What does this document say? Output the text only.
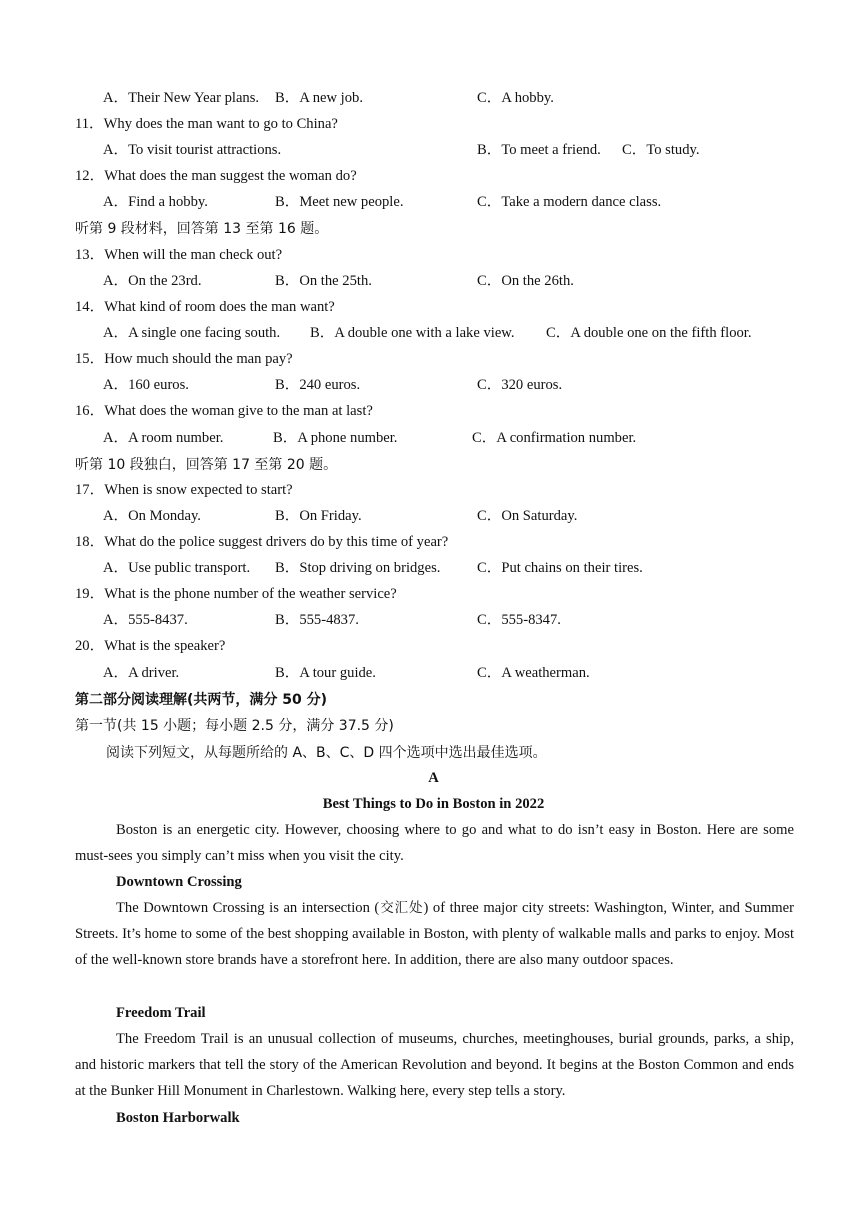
A．Their New Year plans. B．A new job.	C．A hobby.
11．Why does the man want to go to China?
A．To visit tourist attractions.	B．To meet a friend. C．To study.
12．What does the man suggest the woman do?
A．Find a hobby.	B．Meet new people.	C．Take a modern dance class.
听第 9 段材料，回答第 13 至第 16 题。
13．When will the man check out?
A．On the 23rd.	B．On the 25th.	C．On the 26th.
14．What kind of room does the man want?
A．A single one facing south. B．A double one with a lake view. C．A double one on the fifth floor.
15．How much should the man pay?
A．160 euros.	B．240 euros.	C．320 euros.
16．What does the woman give to the man at last?
A．A room number.	B．A phone number.	C．A confirmation number.
听第 10 段独白，回答第 17 至第 20 题。
17．When is snow expected to start?
A．On Monday.	B．On Friday.	C．On Saturday.
18．What do the police suggest drivers do by this time of year?
A．Use public transport. B．Stop driving on bridges.	C．Put chains on their tires.
19．What is the phone number of the weather service?
A．555-8437.	B．555-4837.	C．555-8347.
20．What is the speaker?
A．A driver.	B．A tour guide.	C．A weatherman.
第二部分阅读理解(共两节，满分 50 分)
第一节(共 15 小题；每小题 2.5 分，满分 37.5 分)
阅读下列短文，从每题所给的 A、B、C、D 四个选项中选出最佳选项。
A
Best Things to Do in Boston in 2022
Boston is an energetic city. However, choosing where to go and what to do isn’t easy in Boston. Here are some must-sees you simply can’t miss when you visit the city.
Downtown Crossing
The Downtown Crossing is an intersection (交汇处) of three major city streets: Washington, Winter, and Summer Streets. It’s home to some of the best shopping available in Boston, with plenty of walkable malls and parks to enjoy. Most of the well-known store brands have a storefront here. In addition, there are also many outdoor spaces.
Freedom Trail
The Freedom Trail is an unusual collection of museums, churches, meetinghouses, burial grounds, parks, a ship, and historic markers that tell the story of the American Revolution and beyond. It begins at the Boston Common and ends at the Bunker Hill Monument in Charlestown. Walking here, every step tells a story.
Boston Harborwalk
